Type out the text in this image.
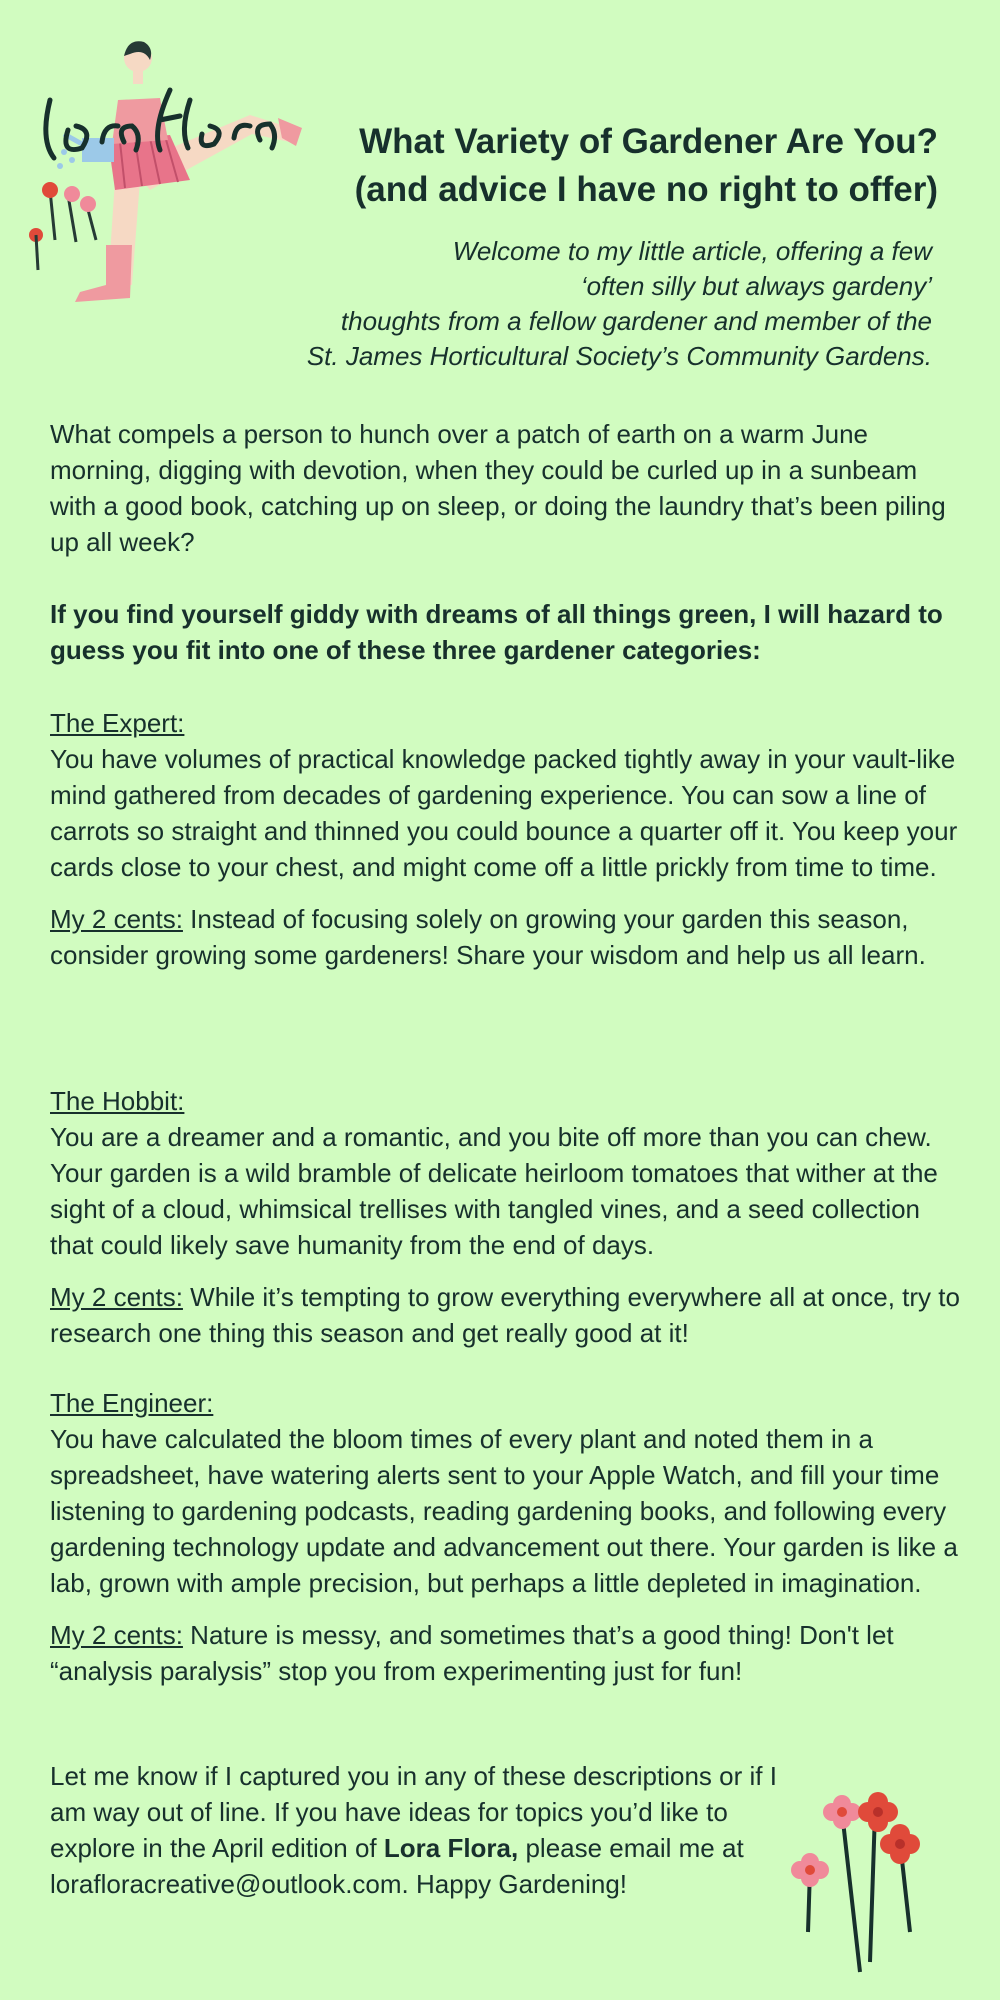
What Variety of Gardener Are You?
(and advice I have no right to offer)
Welcome to my little article, offering a few
‘often silly but always gardeny’
thoughts from a fellow gardener and member of the
St. James Horticultural Society’s Community Gardens.

What compels a person to hunch over a patch of earth on a warm June morning, digging with devotion, when they could be curled up in a sunbeam with a good book, catching up on sleep, or doing the laundry that’s been piling up all week?

If you find yourself giddy with dreams of all things green, I will hazard to guess you fit into one of these three gardener categories:

The Expert:

You have volumes of practical knowledge packed tightly away in your vault-like mind gathered from decades of gardening experience. You can sow a line of carrots so straight and thinned you could bounce a quarter off it. You keep your cards close to your chest, and might come off a little prickly from time to time.

My 2 cents: Instead of focusing solely on growing your garden this season, consider growing some gardeners! Share your wisdom and help us all learn.

The Hobbit:

You are a dreamer and a romantic, and you bite off more than you can chew. Your garden is a wild bramble of delicate heirloom tomatoes that wither at the sight of a cloud, whimsical trellises with tangled vines, and a seed collection that could likely save humanity from the end of days.

My 2 cents: While it’s tempting to grow everything everywhere all at once, try to research one thing this season and get really good at it!

The Engineer:

You have calculated the bloom times of every plant and noted them in a spreadsheet, have watering alerts sent to your Apple Watch, and fill your time listening to gardening podcasts, reading gardening books, and following every gardening technology update and advancement out there. Your garden is like a lab, grown with ample precision, but perhaps a little depleted in imagination.

My 2 cents: Nature is messy, and sometimes that’s a good thing! Don't let “analysis paralysis” stop you from experimenting just for fun!

Let me know if I captured you in any of these descriptions or if I am way out of line. If you have ideas for topics you’d like to explore in the April edition of Lora Flora, please email me at lorafloracreative@outlook.com. Happy Gardening!
